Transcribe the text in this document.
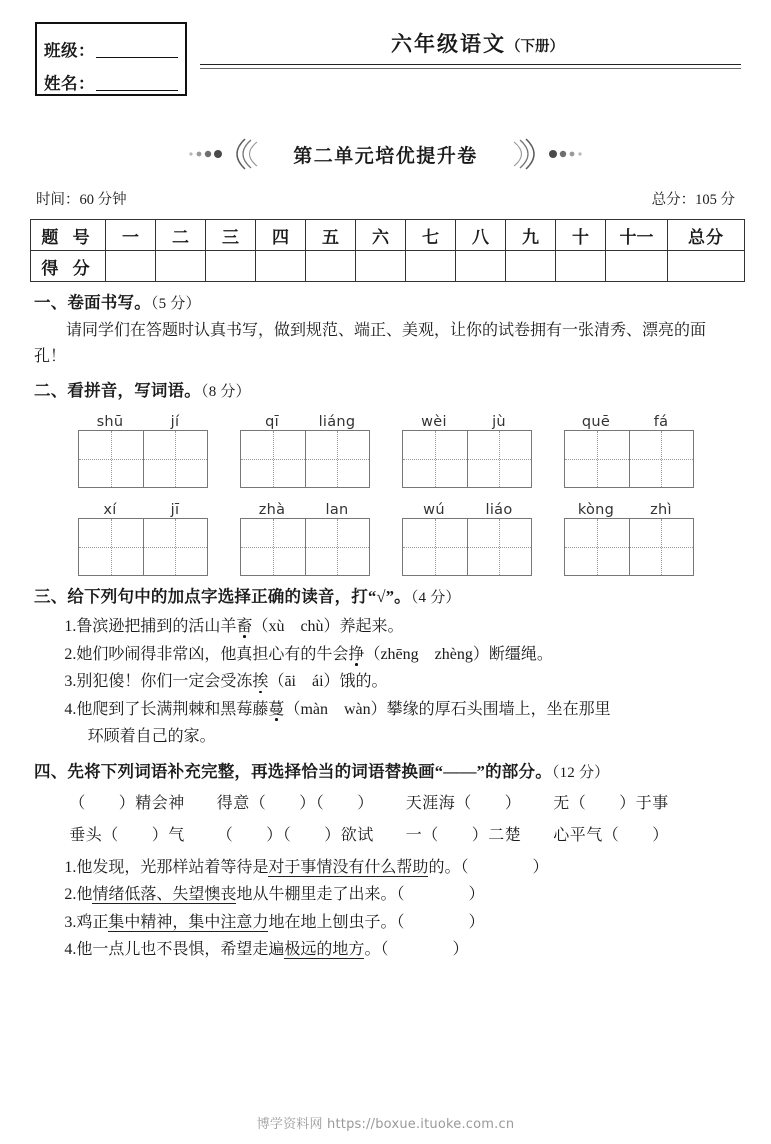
班级：
姓名：
六年级语文（下册）
第二单元培优提升卷
时间：60 分钟	总分：105 分
题 号	一	二	三	四	五	六	七	八	九	十	十一	总分
得 分												
一、卷面书写。（5 分）
请同学们在答题时认真书写，做到规范、端正、美观，让你的试卷拥有一张清秀、漂亮的面孔！
二、看拼音，写词语。（8 分）
shū	jí	qī	liáng	wèi	jù	quē	fá
xí	jī	zhà	lan	wú	liáo	kòng	zhì
三、给下列句中的加点字选择正确的读音，打“√”。（4 分）
1.鲁滨逊把捕到的活山羊畜（xù　chù）养起来。
2.她们吵闹得非常凶，他真担心有的牛会挣（zhēng　zhèng）断缰绳。
3.别犯傻！你们一定会受冻挨（āi　ái）饿的。
4.他爬到了长满荆棘和黑莓藤蔓（màn　wàn）攀缘的厚石头围墙上，坐在那里
环顾着自己的家。
四、先将下列词语补充完整，再选择恰当的词语替换画“——”的部分。（12 分）
（　　）精会神 得意（　　）（　　） 天涯海（　　） 无（　　）于事
垂头（　　）气 （　　）（　　）欲试 一（　　）二楚 心平气（　　）
1.他发现，光那样站着等待是对于事情没有什么帮助的。（　　　　）
2.他情绪低落、失望懊丧地从牛棚里走了出来。（　　　　）
3.鸡正集中精神，集中注意力地在地上刨虫子。（　　　　）
4.他一点儿也不畏惧，希望走遍极远的地方。（　　　　）
博学资料网 https://boxue.ituoke.com.cn
